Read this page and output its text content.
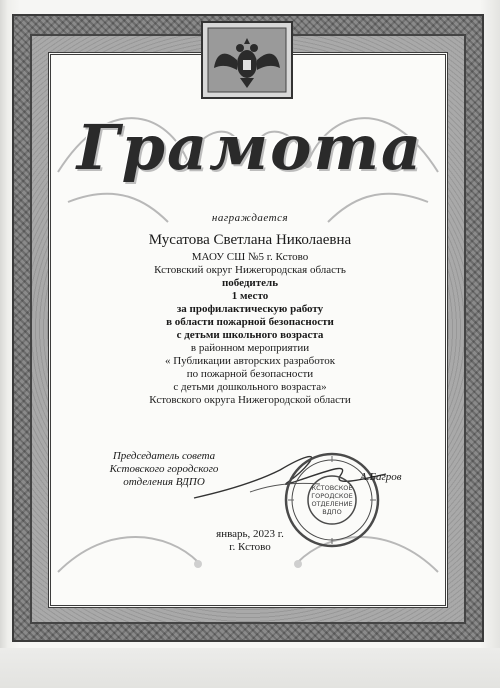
Грамота
награждается
Мусатова Светлана Николаевна
МАОУ СШ №5 г. Кстово
Кстовский округ Нижегородская область
победитель
1 место
за профилактическую работу
в области пожарной безопасности
с детьми школьного возраста
в районном мероприятии
« Публикации авторских разработок
по пожарной безопасности
с детьми дошкольного возраста»
Кстовского округа Нижегородской области
Председатель совета
Кстовского городского
отделения ВДПО	КСТОВСКОЕ
ГОРОДСКОЕ
ОТДЕЛЕНИЕ
ВДПО
А.Багров
январь, 2023 г.
г. Кстово
